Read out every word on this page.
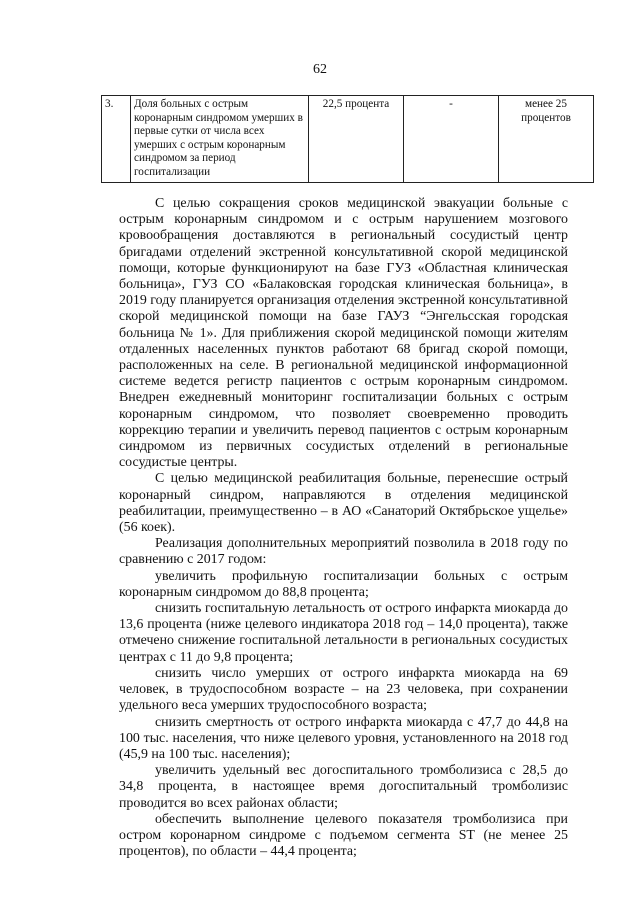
62
3.	Доля больных с острым коронарным синдромом умерших в первые сутки от числа всех умерших с острым коронарным синдромом за период госпитализации	22,5 процента	-	менее 25 процентов

С целью сокращения сроков медицинской эвакуации больные с острым коронарным синдромом и с острым нарушением мозгового кровообращения доставляются в региональный сосудистый центр бригадами отделений экстренной консультативной скорой медицинской помощи, которые функционируют на базе ГУЗ «Областная клиническая больница», ГУЗ СО «Балаковская городская клиническая больница», в 2019 году планируется организация отделения экстренной консультативной скорой медицинской помощи на базе ГАУЗ “Энгельсская городская больница № 1». Для приближения скорой медицинской помощи жителям отдаленных населенных пунктов работают 68 бригад скорой помощи, расположенных на селе. В региональной медицинской информационной системе ведется регистр пациентов с острым коронарным синдромом. Внедрен ежедневный мониторинг госпитализации больных с острым коронарным синдромом, что позволяет своевременно проводить коррекцию терапии и увеличить перевод пациентов с острым коронарным синдромом из первичных сосудистых отделений в региональные сосудистые центры.

С целью медицинской реабилитация больные, перенесшие острый коронарный синдром, направляются в отделения медицинской реабилитации, преимущественно – в АО «Санаторий Октябрьское ущелье» (56 коек).

Реализация дополнительных мероприятий позволила в 2018 году по сравнению с 2017 годом:

увеличить профильную госпитализации больных с острым коронарным синдромом до 88,8 процента;

снизить госпитальную летальность от острого инфаркта миокарда до 13,6 процента (ниже целевого индикатора 2018 год – 14,0 процента), также отмечено снижение госпитальной летальности в региональных сосудистых центрах с 11 до 9,8 процента;

снизить число умерших от острого инфаркта миокарда на 69 человек, в трудоспособном возрасте – на 23 человека, при сохранении удельного веса умерших трудоспособного возраста;

снизить смертность от острого инфаркта миокарда с 47,7 до 44,8 на 100 тыс. населения, что ниже целевого уровня, установленного на 2018 год (45,9 на 100 тыс. населения);

увеличить удельный вес догоспитального тромболизиса с 28,5 до 34,8 процента, в настоящее время догоспитальный тромболизис проводится во всех районах области;

обеспечить выполнение целевого показателя тромболизиса при остром коронарном синдроме с подъемом сегмента ST (не менее 25 процентов), по области – 44,4 процента;
